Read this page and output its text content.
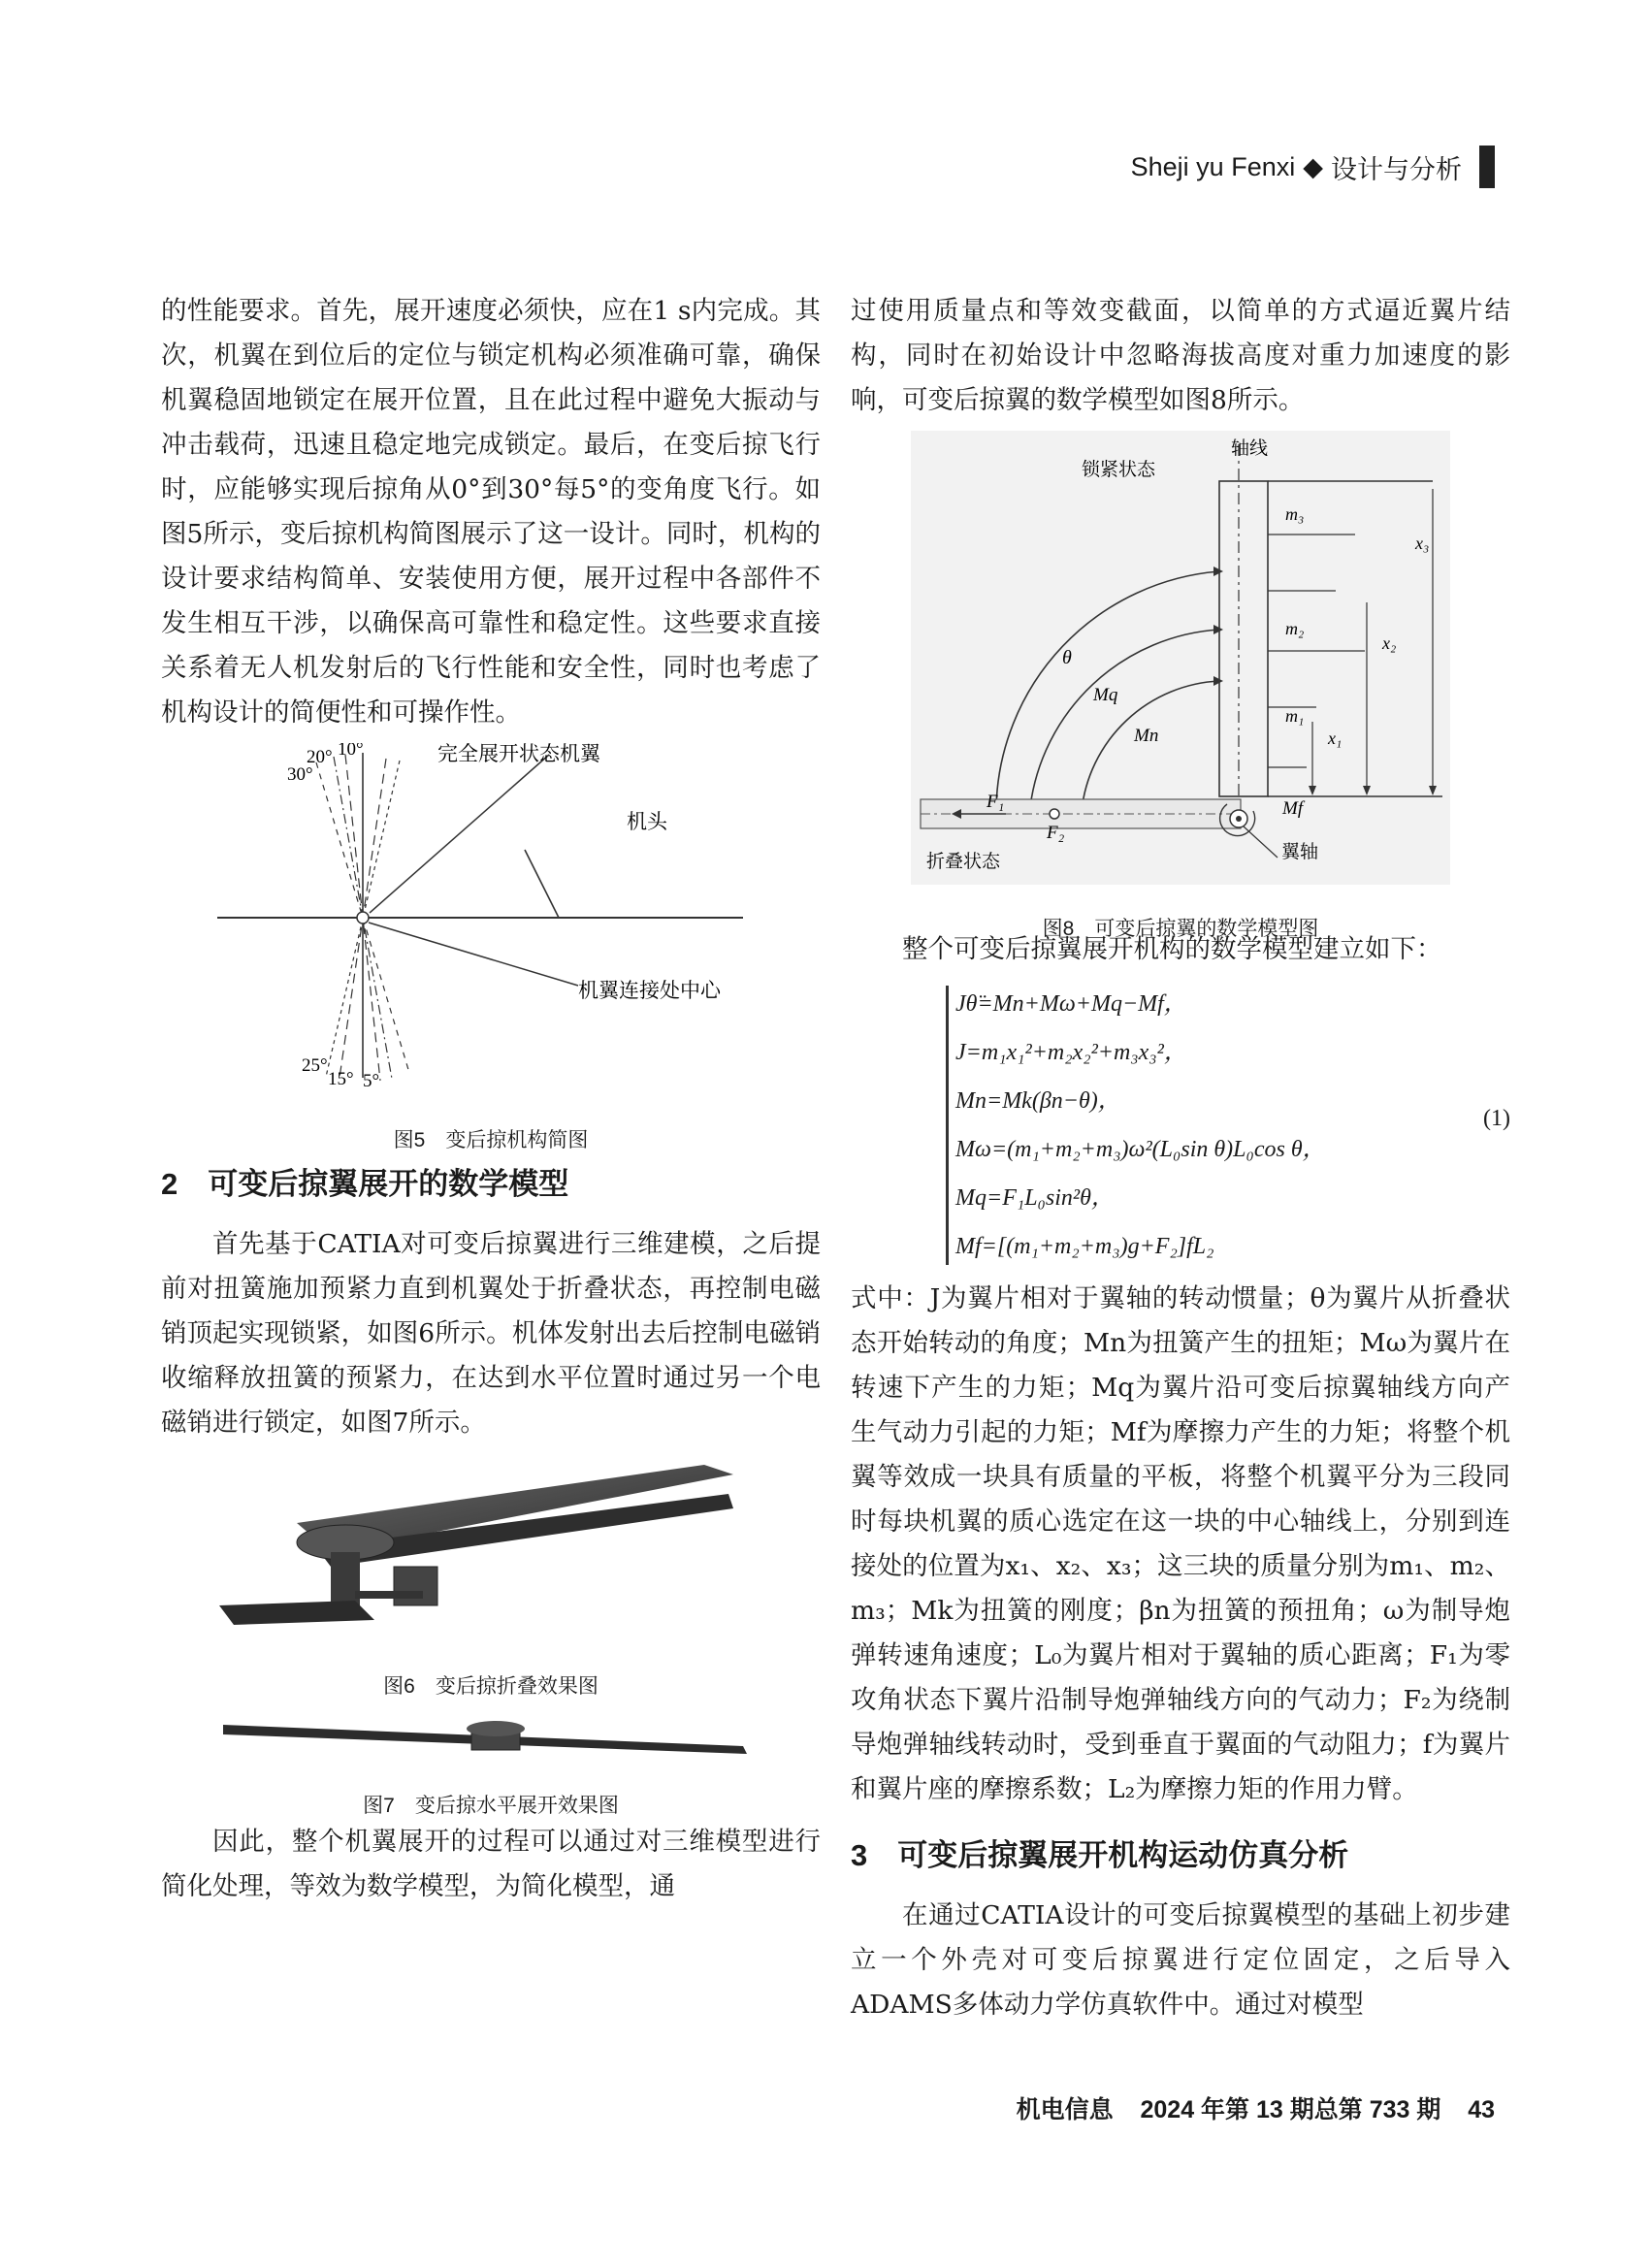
Sheji yu Fenxi ◆ 设计与分析

的性能要求。首先，展开速度必须快，应在1 s内完成。其次，机翼在到位后的定位与锁定机构必须准确可靠，确保机翼稳固地锁定在展开位置，且在此过程中避免大振动与冲击载荷，迅速且稳定地完成锁定。最后，在变后掠飞行时，应能够实现后掠角从0°到30°每5°的变角度飞行。如图5所示，变后掠机构简图展示了这一设计。同时，机构的设计要求结构简单、安装使用方便，展开过程中各部件不发生相互干涉，以确保高可靠性和稳定性。这些要求直接关系着无人机发射后的飞行性能和安全性，同时也考虑了机构设计的简便性和可操作性。

30°
20° 10°	完全展开状态机翼
机头
机翼连接处中心
25°
15° 5°
图5　变后掠机构简图
2　可变后掠翼展开的数学模型

首先基于CATIA对可变后掠翼进行三维建模，之后提前对扭簧施加预紧力直到机翼处于折叠状态，再控制电磁销顶起实现锁紧，如图6所示。机体发射出去后控制电磁销收缩释放扭簧的预紧力，在达到水平位置时通过另一个电磁销进行锁定，如图7所示。

图6　变后掠折叠效果图
图7　变后掠水平展开效果图

因此，整个机翼展开的过程可以通过对三维模型进行简化处理，等效为数学模型，为简化模型，通

过使用质量点和等效变截面，以简单的方式逼近翼片结构，同时在初始设计中忽略海拔高度对重力加速度的影响，可变后掠翼的数学模型如图8所示。

轴线
锁紧状态
m₃
x₃
m₂
x₂
m₁
x₁
θ
Mq
Mn
Mf
F₁
F₂
折叠状态	翼轴
图8　可变后掠翼的数学模型图

整个可变后掠翼展开机构的数学模型建立如下：

Jθ̈=Mn+Mω+Mq−Mf，
J=m₁x₁²+m₂x₂²+m₃x₃²，
Mn=Mk(βn−θ)，
Mω=(m₁+m₂+m₃)ω²(L₀sin θ)L₀cos θ，
Mq=F₁L₀sin²θ，
Mf=[(m₁+m₂+m₃)g+F₂]fL₂
(1)

式中：J为翼片相对于翼轴的转动惯量；θ为翼片从折叠状态开始转动的角度；Mn为扭簧产生的扭矩；Mω为翼片在转速下产生的力矩；Mq为翼片沿可变后掠翼轴线方向产生气动力引起的力矩；Mf为摩擦力产生的力矩；将整个机翼等效成一块具有质量的平板，将整个机翼平分为三段同时每块机翼的质心选定在这一块的中心轴线上，分别到连接处的位置为x₁、x₂、x₃；这三块的质量分别为m₁、m₂、m₃；Mk为扭簧的刚度；βn为扭簧的预扭角；ω为制导炮弹转速角速度；L₀为翼片相对于翼轴的质心距离；F₁为零攻角状态下翼片沿制导炮弹轴线方向的气动力；F₂为绕制导炮弹轴线转动时，受到垂直于翼面的气动阻力；f为翼片和翼片座的摩擦系数；L₂为摩擦力矩的作用力臂。

3　可变后掠翼展开机构运动仿真分析

在通过CATIA设计的可变后掠翼模型的基础上初步建立一个外壳对可变后掠翼进行定位固定，之后导入ADAMS多体动力学仿真软件中。通过对模型

机电信息 2024 年第 13 期总第 733 期 43
